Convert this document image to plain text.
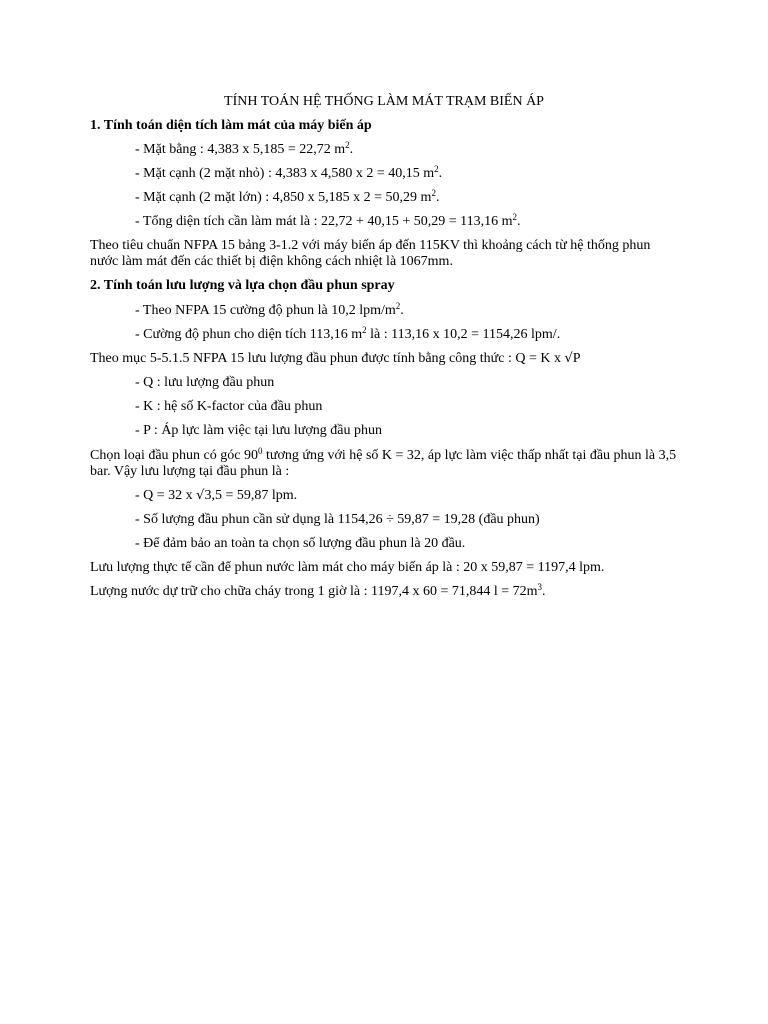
TÍNH TOÁN HỆ THỐNG LÀM MÁT TRẠM BIẾN ÁP
1. Tính toán diện tích làm mát của máy biến áp
- Mặt bằng : 4,383 x 5,185 = 22,72 $m^2$.
- Mặt cạnh (2 mặt nhỏ) : 4,383 x 4,580 x 2 = 40,15 $m^2$.
- Mặt cạnh (2 mặt lớn) : 4,850 x 5,185 x 2 = 50,29 $m^2$.
- Tổng diện tích cần làm mát là : 22,72 + 40,15 + 50,29 = 113,16 $m^2$.
Theo tiêu chuẩn NFPA 15 bảng 3-1.2 với máy biến áp đến 115KV thì khoảng cách từ hệ thống phun nước làm mát đến các thiết bị điện không cách nhiệt là 1067mm.
2. Tính toán lưu lượng và lựa chọn đầu phun spray
- Theo NFPA 15 cường độ phun là 10,2 lpm/$m^2$.
- Cường độ phun cho diện tích 113,16 $m^2$ là : 113,16 x 10,2 = 1154,26 lpm/.
Theo mục 5-5.1.5 NFPA 15 lưu lượng đầu phun được tính bằng công thức : Q = K x √P
- Q : lưu lượng đầu phun
- K : hệ số K-factor của đầu phun
- P : Áp lực làm việc tại lưu lượng đầu phun
Chọn loại đầu phun có góc $90^0$ tương ứng với hệ số K = 32, áp lực làm việc thấp nhất tại đầu phun là 3,5 bar. Vậy lưu lượng tại đầu phun là :
- Q = 32 x √3,5 = 59,87 lpm.
- Số lượng đầu phun cần sử dụng là 1154,26 ÷ 59,87 = 19,28 (đầu phun)
- Để đảm bảo an toàn ta chọn số lượng đầu phun là 20 đầu.
Lưu lượng thực tế cần để phun nước làm mát cho máy biến áp là : 20 x 59,87 = 1197,4 lpm.
Lượng nước dự trữ cho chữa cháy trong 1 giờ là : 1197,4 x 60 = 71,844 $l = 72m^3$.
